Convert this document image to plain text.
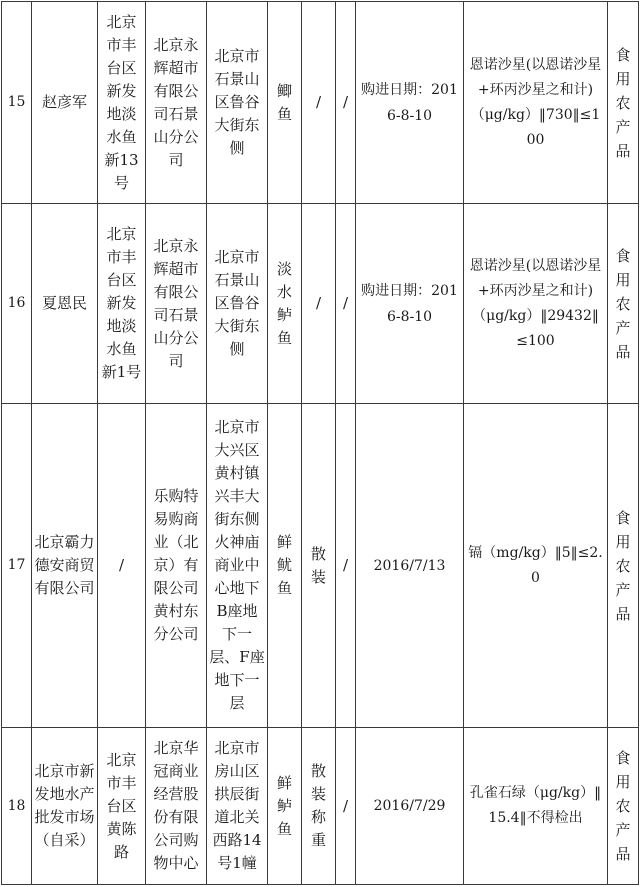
15	赵彦军	北京市丰台区新发地淡水鱼新13号	北京永辉超市有限公司石景山分公司	北京市石景山区鲁谷大街东侧	鲫鱼	/	/	购进日期：2016-8-10	恩诺沙星(以恩诺沙星+环丙沙星之和计)（μg/kg）‖730‖≤100	食用农产品
16	夏恩民	北京市丰台区新发地淡水鱼新1号	北京永辉超市有限公司石景山分公司	北京市石景山区鲁谷大街东侧	淡水鲈鱼	/	/	购进日期：2016-8-10	恩诺沙星(以恩诺沙星+环丙沙星之和计)（μg/kg）‖29432‖≤100	食用农产品
17	北京霸力德安商贸有限公司	/	乐购特易购商业（北京）有限公司黄村东分公司	北京市大兴区黄村镇兴丰大街东侧火神庙商业中心地下B座地下一层、F座地下一层	鲜鱿鱼	散装	/	2016/7/13	镉（mg/kg）‖5‖≤2.0	食用农产品
18	北京市新发地水产批发市场（自采）	北京市丰台区黄陈路	北京华冠商业经营股份有限公司购物中心	北京市房山区拱辰街道北关西路14号1幢	鲜鲈鱼	散装称重	/	2016/7/29	孔雀石绿（μg/kg）‖15.4‖不得检出	食用农产品
